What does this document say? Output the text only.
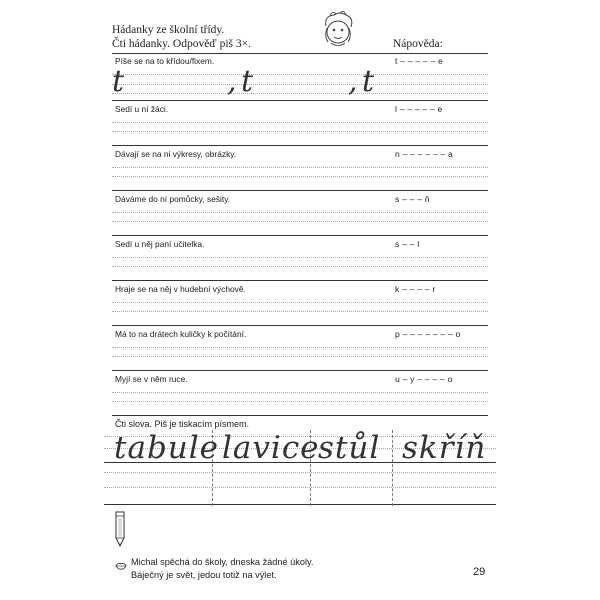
Hádanky ze školní třídy.
Čti hádanky. Odpověď piš 3×.	Nápověda:
Píše se na to křídou/fixem.	t – – – – – e
t	, t	, t
Sedí u ní žáci.	l – – – – – e
Dávají se na ni výkresy, obrázky.	n – – – – – – a
Dáváme do ní pomůcky, sešity.	s – – – ň
Sedí u něj paní učitelka.	s – – l
Hraje se na něj v hudební výchově.	k – – – – r
Má to na drátech kuličky k počítání.	p – – – – – – – o
Myjí se v něm ruce.	u – y – – – – o
Čti slova. Piš je tiskacím písmem.
tabule lavice
stůl skříň
Michal spěchá do školy, dneska žádné úkoly.
Báječný je svět, jedou totiž na výlet.	29
